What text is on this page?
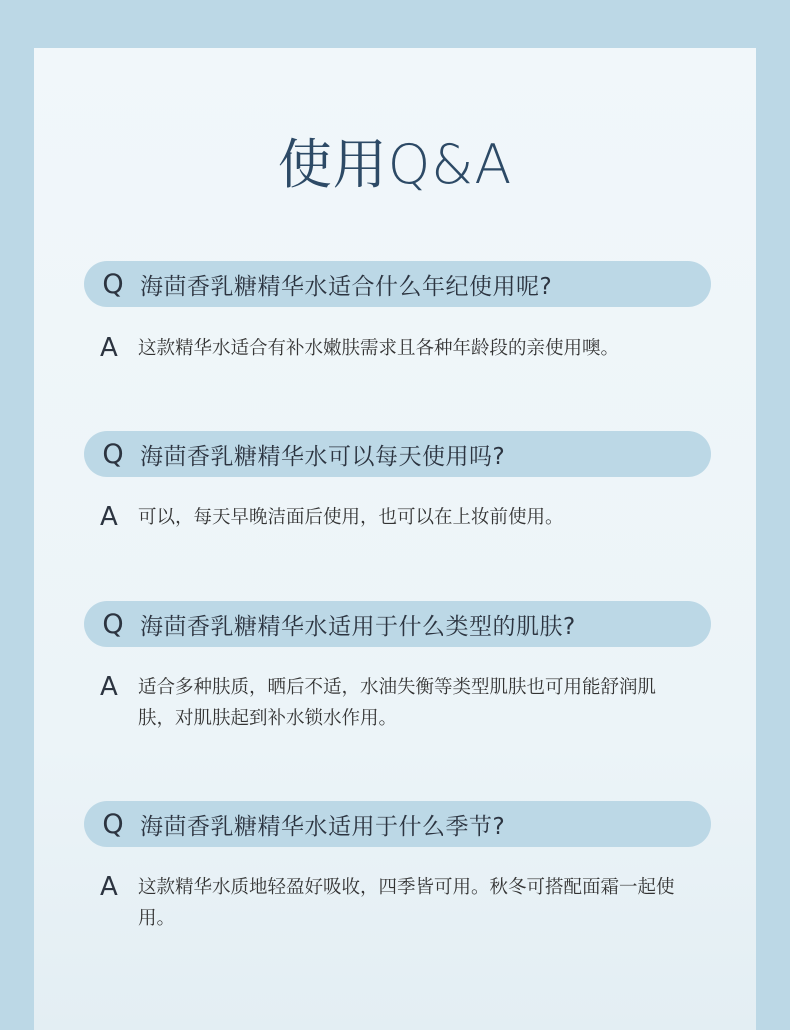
使用Q&A
Q 海茴香乳糖精华水适合什么年纪使用呢?
A	这款精华水适合有补水嫩肤需求且各种年龄段的亲使用噢。
Q 海茴香乳糖精华水可以每天使用吗?
A	可以，每天早晚洁面后使用，也可以在上妆前使用。
Q 海茴香乳糖精华水适用于什么类型的肌肤?
A	适合多种肤质，晒后不适，水油失衡等类型肌肤也可用能舒润肌肤，对肌肤起到补水锁水作用。
Q 海茴香乳糖精华水适用于什么季节?
A	这款精华水质地轻盈好吸收，四季皆可用。秋冬可搭配面霜一起使用。
